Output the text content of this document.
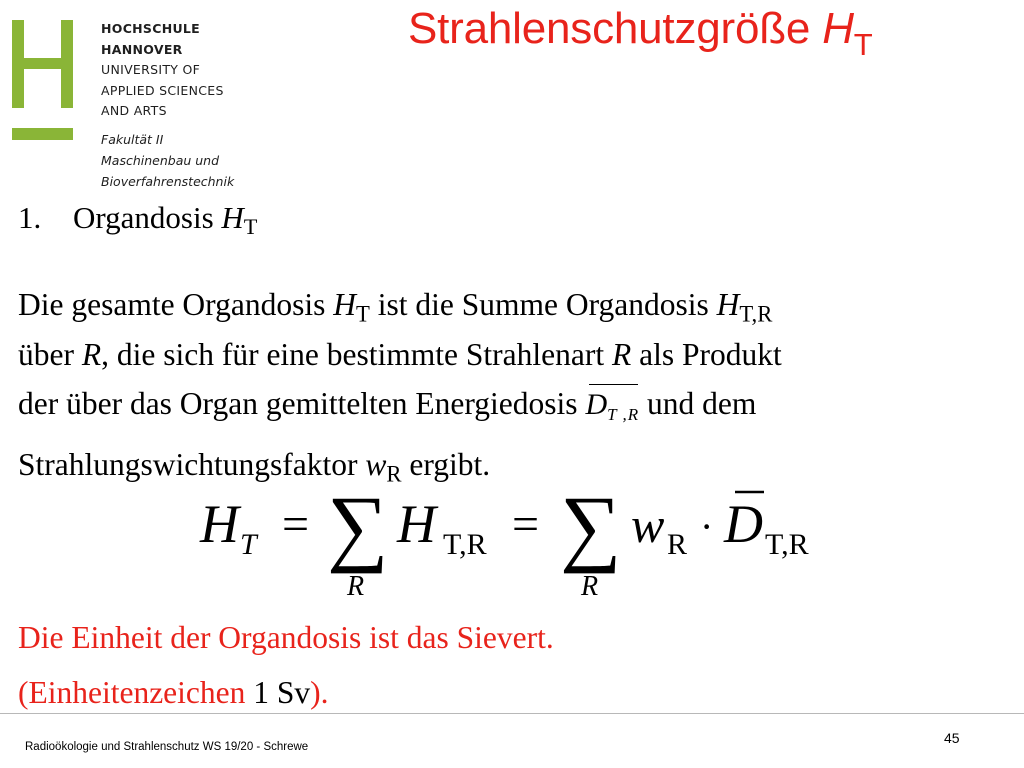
HOCHSCHULE
HANNOVER
UNIVERSITY OF
APPLIED SCIENCES
AND ARTS
Fakultät II
Maschinenbau und
Bioverfahrenstechnik
Strahlenschutzgröße $H_T$
1. Organdosis $H_T$
Die gesamte Organdosis $H_T$ ist die Summe Organdosis $H_{T,R}$
über R, die sich für eine bestimmte Strahlenart R als Produkt
der über das Organ gemittelten Energiedosis $D_{T ,R}$ und dem
Strahlungswichtungsfaktor $w_R$ ergibt.
H T = ∑
R
H T,R = ∑
R
w R · D T,R
Die Einheit der Organdosis ist das Sievert.
(Einheitenzeichen 1 Sv).
Radioökologie und Strahlenschutz WS 19/20 - Schrewe
45
